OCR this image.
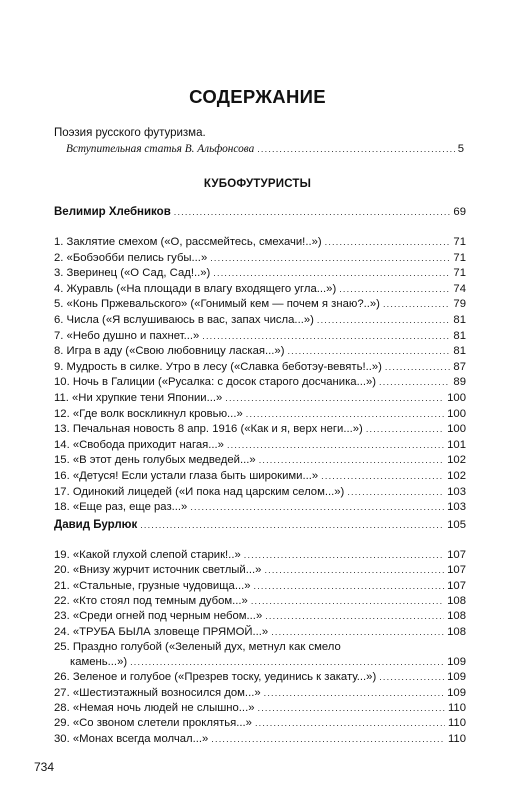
СОДЕРЖАНИЕ
Поэзия русского футуризма.
Вступительная статья В. Альфонсова .....	5
КУБОФУТУРИСТЫ
Велимир Хлебников .....	69
1. Заклятие смехом («О, рассмейтесь, смехачи!..») .....	71
2. «Бобэобби пелись губы...» .....	71
3. Зверинец («О Сад, Сад!..») .....	71
4. Журавль («На площади в влагу входящего угла...») .....	74
5. «Конь Пржевальского» («Гонимый кем — почем я знаю?..») .....	79
6. Числа («Я вслушиваюсь в вас, запах числа...») .....	81
7. «Небо душно и пахнет...» .....	81
8. Игра в аду («Свою любовницу лаская...») .....	81
9. Мудрость в силке. Утро в лесу («Славка беботэу-вевять!..») .....	87
10. Ночь в Галиции («Русалка: с досок старого досчаника...») .....	89
11. «Ни хрупкие тени Японии...» .....	100
12. «Где волк воскликнул кровью...» .....	100
13. Печальная новость 8 апр. 1916 («Как и я, верх неги...») .....	100
14. «Свобода приходит нагая...» .....	101
15. «В этот день голубых медведей...» .....	102
16. «Детуся! Если устали глаза быть широкими...» .....	102
17. Одинокий лицедей («И пока над царским селом...») .....	103
18. «Еще раз, еще раз...» .....	103
Давид Бурлюк .....	105
19. «Какой глухой слепой старик!..» .....	107
20. «Внизу журчит источник светлый...» .....	107
21. «Стальные, грузные чудовища...» .....	107
22. «Кто стоял под темным дубом...» .....	108
23. «Среди огней под черным небом...» .....	108
24. «ТРУБА БЫЛА зловеще ПРЯМОЙ...» .....	108
25. Праздно голубой («Зеленый дух, метнул как смело
камень...») .....	109
26. Зеленое и голубое («Презрев тоску, уединись к закату...») .....	109
27. «Шестиэтажный возносился дом...» .....	109
28. «Немая ночь людей не слышно...» .....	110
29. «Со звоном слетели проклятья...» .....	110
30. «Монах всегда молчал...» .....	110
734
